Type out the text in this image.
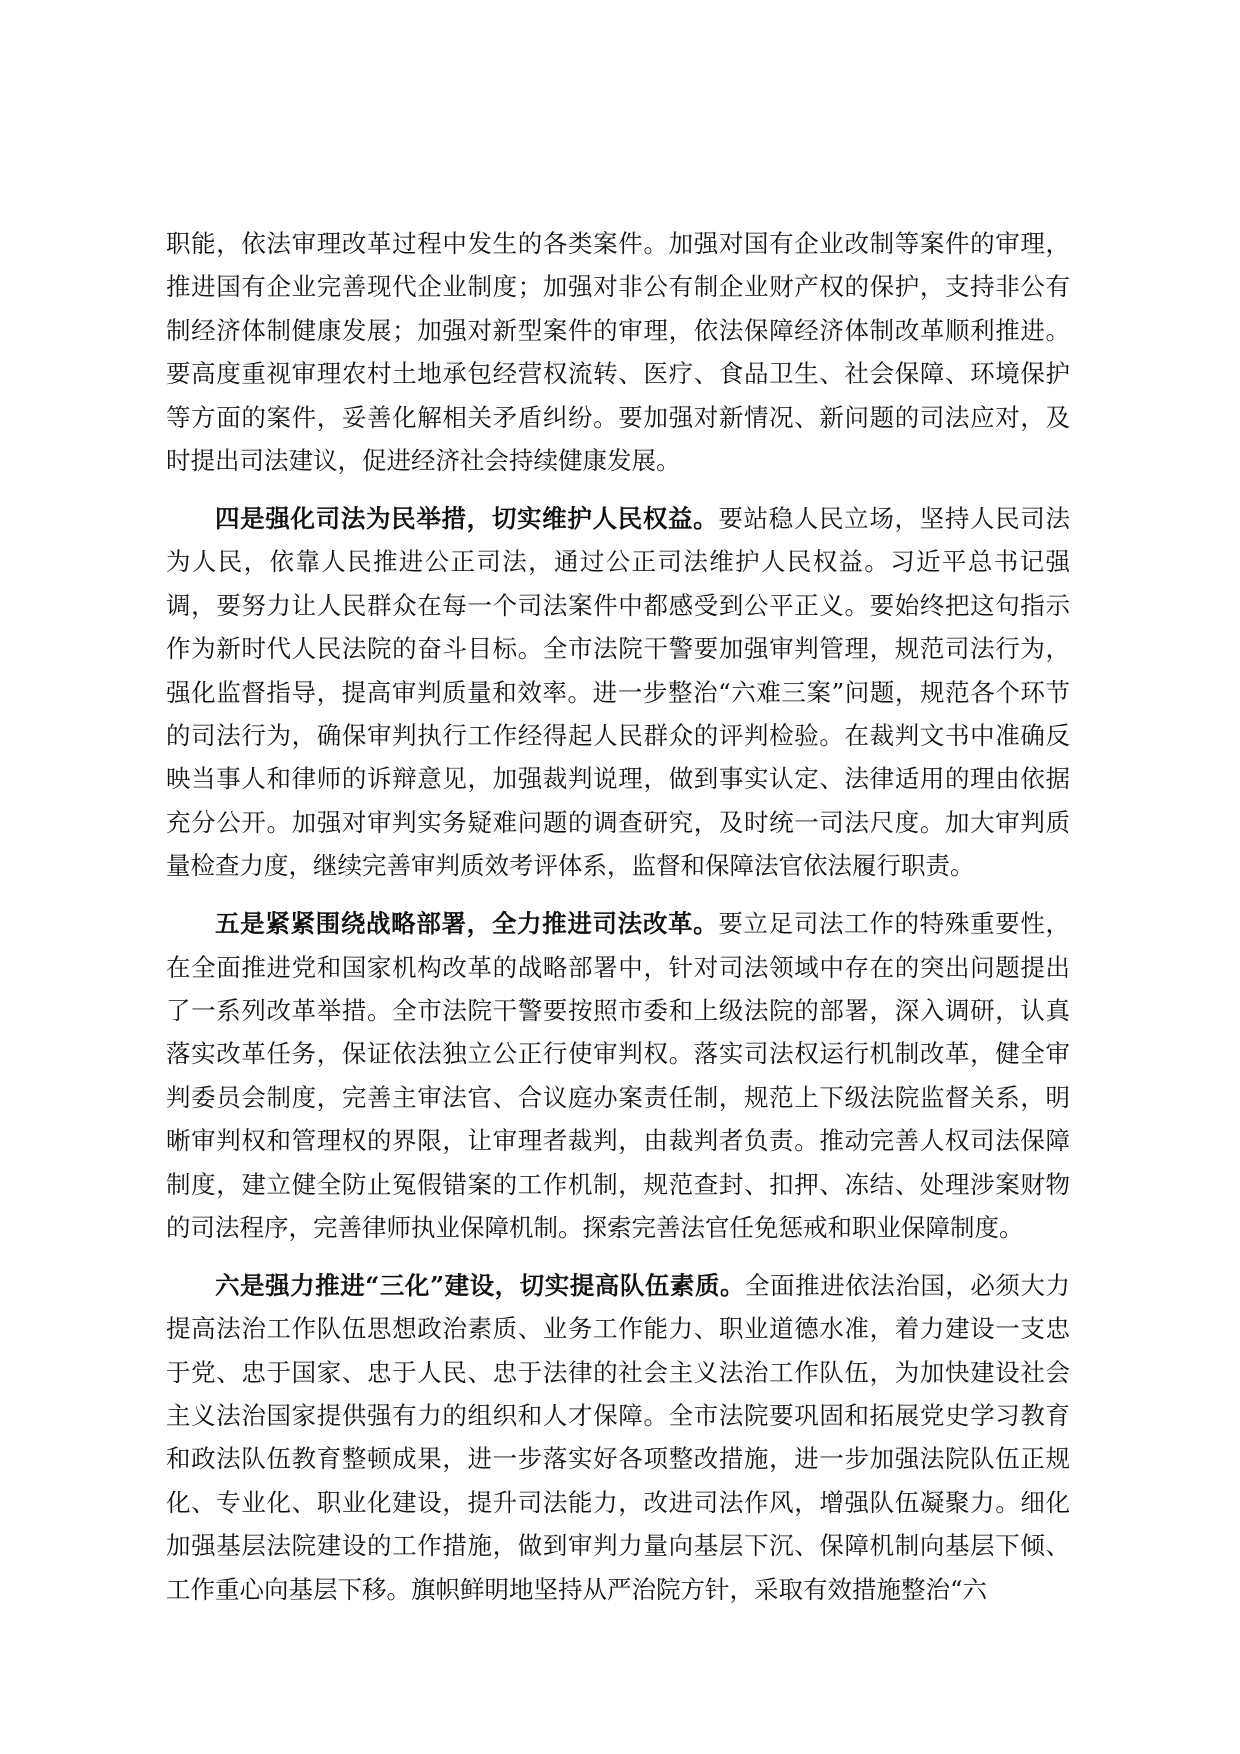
职能，依法审理改革过程中发生的各类案件。加强对国有企业改制等案件的审理，推进国有企业完善现代企业制度；加强对非公有制企业财产权的保护，支持非公有制经济体制健康发展；加强对新型案件的审理，依法保障经济体制改革顺利推进。要高度重视审理农村土地承包经营权流转、医疗、食品卫生、社会保障、环境保护等方面的案件，妥善化解相关矛盾纠纷。要加强对新情况、新问题的司法应对，及时提出司法建议，促进经济社会持续健康发展。

四是强化司法为民举措，切实维护人民权益。要站稳人民立场，坚持人民司法为人民，依靠人民推进公正司法，通过公正司法维护人民权益。习近平总书记强调，要努力让人民群众在每一个司法案件中都感受到公平正义。要始终把这句指示作为新时代人民法院的奋斗目标。全市法院干警要加强审判管理，规范司法行为，强化监督指导，提高审判质量和效率。进一步整治“六难三案”问题，规范各个环节的司法行为，确保审判执行工作经得起人民群众的评判检验。在裁判文书中准确反映当事人和律师的诉辩意见，加强裁判说理，做到事实认定、法律适用的理由依据充分公开。加强对审判实务疑难问题的调查研究，及时统一司法尺度。加大审判质量检查力度，继续完善审判质效考评体系，监督和保障法官依法履行职责。

五是紧紧围绕战略部署，全力推进司法改革。要立足司法工作的特殊重要性，在全面推进党和国家机构改革的战略部署中，针对司法领域中存在的突出问题提出了一系列改革举措。全市法院干警要按照市委和上级法院的部署，深入调研，认真落实改革任务，保证依法独立公正行使审判权。落实司法权运行机制改革，健全审判委员会制度，完善主审法官、合议庭办案责任制，规范上下级法院监督关系，明晰审判权和管理权的界限，让审理者裁判，由裁判者负责。推动完善人权司法保障制度，建立健全防止冤假错案的工作机制，规范查封、扣押、冻结、处理涉案财物的司法程序，完善律师执业保障机制。探索完善法官任免惩戒和职业保障制度。

六是强力推进“三化”建设，切实提高队伍素质。全面推进依法治国，必须大力提高法治工作队伍思想政治素质、业务工作能力、职业道德水准，着力建设一支忠于党、忠于国家、忠于人民、忠于法律的社会主义法治工作队伍，为加快建设社会主义法治国家提供强有力的组织和人才保障。全市法院要巩固和拓展党史学习教育和政法队伍教育整顿成果，进一步落实好各项整改措施，进一步加强法院队伍正规化、专业化、职业化建设，提升司法能力，改进司法作风，增强队伍凝聚力。细化加强基层法院建设的工作措施，做到审判力量向基层下沉、保障机制向基层下倾、工作重心向基层下移。旗帜鲜明地坚持从严治院方针，采取有效措施整治“六
